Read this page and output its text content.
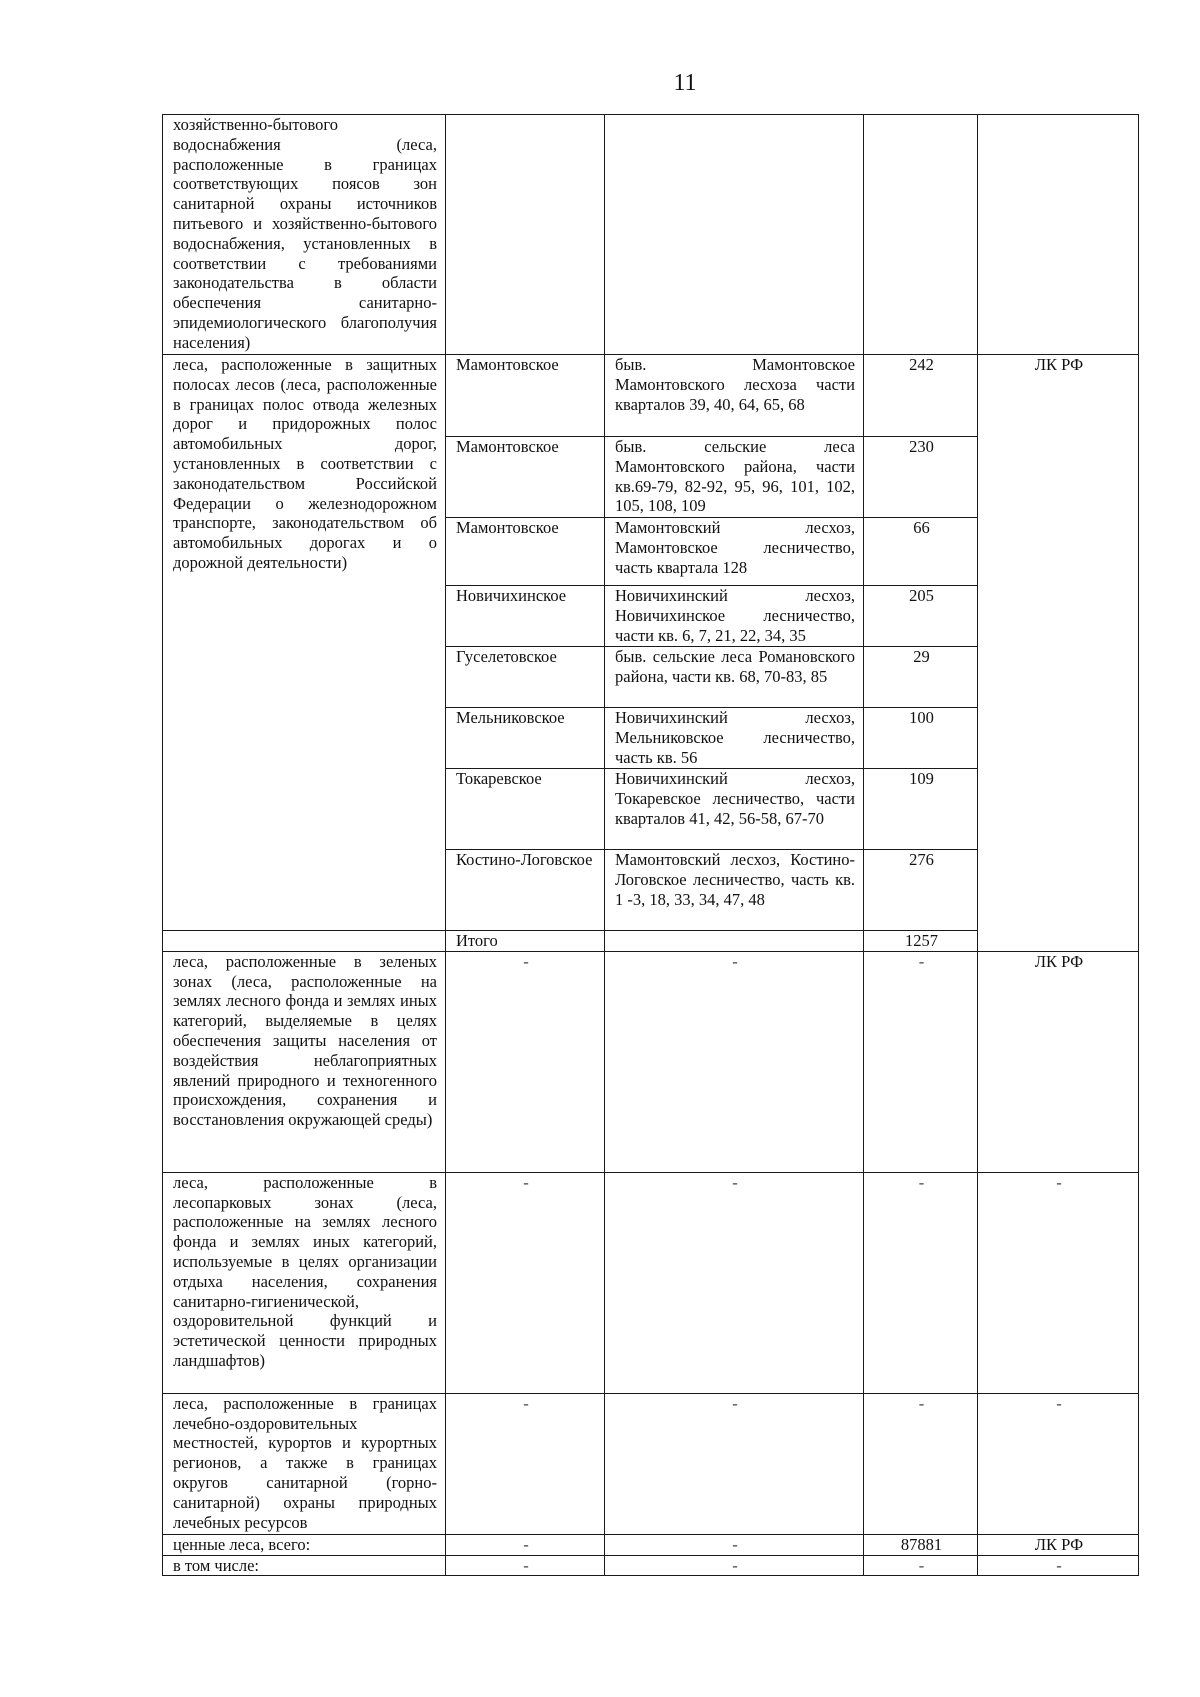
11
хозяйственно-бытового водоснабжения (леса, расположенные в границах соответствующих поясов зон санитарной охраны источников питьевого и хозяйственно-бытового водоснабжения, установленных в соответствии с требованиями законодательства в области обеспечения санитарно-эпидемиологического благополучия населения)				
леса, расположенные в защитных полосах лесов (леса, расположенные в границах полос отвода железных дорог и придорожных полос автомобильных дорог, установленных в соответствии с законодательством Российской Федерации о железнодорожном транспорте, законодательством об автомобильных дорогах и о дорожной деятельности)	Мамонтовское	быв. Мамонтовское Мамонтовского лесхоза части кварталов 39, 40, 64, 65, 68	242	ЛК РФ
	Мамонтовское	быв. сельские леса Мамонтовского района, части кв.69-79, 82-92, 95, 96, 101, 102, 105, 108, 109	230	
	Мамонтовское	Мамонтовский лесхоз, Мамонтовское лесничество, часть квартала 128	66	
	Новичихинское	Новичихинский лесхоз, Новичихинское лесничество, части кв. 6, 7, 21, 22, 34, 35	205	
	Гуселетовское	быв. сельские леса Романовского района, части кв. 68, 70-83, 85	29	
	Мельниковское	Новичихинский лесхоз, Мельниковское лесничество, часть кв. 56	100	
	Токаревское	Новичихинский лесхоз, Токаревское лесничество, части кварталов 41, 42, 56-58, 67-70	109	
	Костино-Логовское	Мамонтовский лесхоз, Костино-Логовское лесничество, часть кв. 1 -3, 18, 33, 34, 47, 48	276	
	Итого		1257	
леса, расположенные в зеленых зонах (леса, расположенные на землях лесного фонда и землях иных категорий, выделяемые в целях обеспечения защиты населения от воздействия неблагоприятных явлений природного и техногенного происхождения, сохранения и восстановления окружающей среды)	-	-	-	ЛК РФ
леса, расположенные в лесопарковых зонах (леса, расположенные на землях лесного фонда и землях иных категорий, используемые в целях организации отдыха населения, сохранения санитарно-гигиенической, оздоровительной функций и эстетической ценности природных ландшафтов)	-	-	-	-
леса, расположенные в границах лечебно-оздоровительных местностей, курортов и курортных регионов, а также в границах округов санитарной (горно-санитарной) охраны природных лечебных ресурсов	-	-	-	-
ценные леса, всего:	-	-	87881	ЛК РФ
в том числе:	-	-	-	-
